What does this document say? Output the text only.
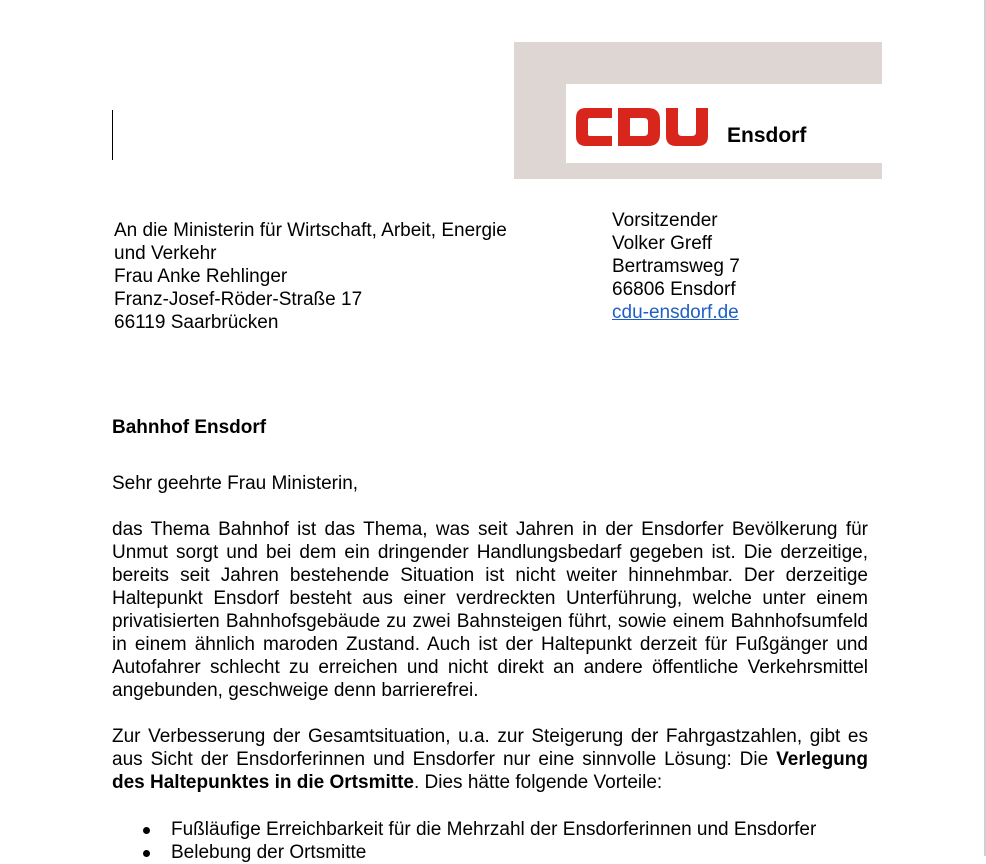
Ensdorf
An die Ministerin für Wirtschaft, Arbeit, Energie
und Verkehr
Frau Anke Rehlinger
Franz-Josef-Röder-Straße 17
66119 Saarbrücken
Vorsitzender
Volker Greff
Bertramsweg 7
66806 Ensdorf
cdu-ensdorf.de
Bahnhof Ensdorf
Sehr geehrte Frau Ministerin,
das Thema Bahnhof ist das Thema, was seit Jahren in der Ensdorfer Bevölkerung für Unmut sorgt und bei dem ein dringender Handlungsbedarf gegeben ist. Die derzeitige, bereits seit Jahren bestehende Situation ist nicht weiter hinnehmbar. Der derzeitige Haltepunkt Ensdorf besteht aus einer verdreckten Unterführung, welche unter einem privatisierten Bahnhofsgebäude zu zwei Bahnsteigen führt, sowie einem Bahnhofsumfeld in einem ähnlich maroden Zustand. Auch ist der Haltepunkt derzeit für Fußgänger und Autofahrer schlecht zu erreichen und nicht direkt an andere öffentliche Verkehrsmittel angebunden, geschweige denn barrierefrei.
Zur Verbesserung der Gesamtsituation, u.a. zur Steigerung der Fahrgastzahlen, gibt es aus Sicht der Ensdorferinnen und Ensdorfer nur eine sinnvolle Lösung: Die Verlegung des Haltepunktes in die Ortsmitte. Dies hätte folgende Vorteile:
Fußläufige Erreichbarkeit für die Mehrzahl der Ensdorferinnen und Ensdorfer
Belebung der Ortsmitte
